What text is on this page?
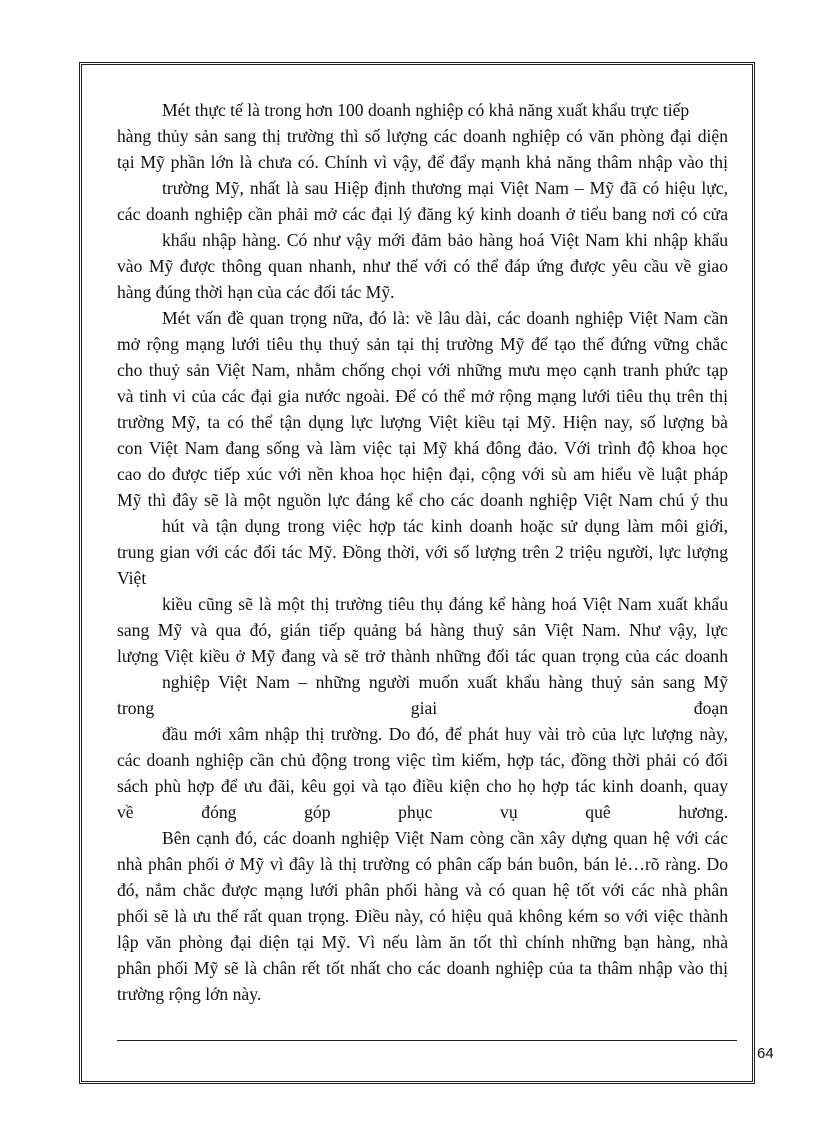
Mét thực tế là trong hơn 100 doanh nghiệp có khả năng xuất khẩu trực tiếp
hàng thủy sản sang thị trường thì số lượng các doanh nghiệp có văn phòng đại diện
tại Mỹ phần lớn là chưa có. Chính vì vậy, để đẩy mạnh khả năng thâm nhập vào thị
trường Mỹ, nhất là sau Hiệp định thương mại Việt Nam – Mỹ đã có hiệu lực,
các doanh nghiệp cần phải mở các đại lý đăng ký kinh doanh ở tiểu bang nơi có cửa
khẩu nhập hàng. Có như vậy mới đảm bảo hàng hoá Việt Nam khi nhập khẩu
vào Mỹ được thông quan nhanh, như thế với có thể đáp ứng được yêu cầu về giao
hàng đúng thời hạn của các đối tác Mỹ.
Mét vấn đề quan trọng nữa, đó là: về lâu dài, các doanh nghiệp Việt Nam cần
mở rộng mạng lưới tiêu thụ thuỷ sản tại thị trường Mỹ để tạo thế đứng vững chắc
cho thuỷ sản Việt Nam, nhằm chống chọi với những mưu mẹo cạnh tranh phức tạp
và tinh vi của các đại gia nước ngoài. Để có thể mở rộng mạng lưới tiêu thụ trên thị
trường Mỹ, ta có thể tận dụng lực lượng Việt kiều tại Mỹ. Hiện nay, số lượng bà
con Việt Nam đang sống và làm việc tại Mỹ khá đông đảo. Với trình độ khoa học
cao do được tiếp xúc với nền khoa học hiện đại, cộng với sù am hiểu về luật pháp
Mỹ thì đây sẽ là một nguồn lực đáng kể cho các doanh nghiệp Việt Nam chú ý thu
hút và tận dụng trong việc hợp tác kinh doanh hoặc sử dụng làm môi giới,
trung gian với các đối tác Mỹ. Đồng thời, với số lượng trên 2 triệu người, lực lượng
Việt
kiều cũng sẽ là một thị trường tiêu thụ đáng kể hàng hoá Việt Nam xuất khẩu
sang Mỹ và qua đó, gián tiếp quảng bá hàng thuỷ sản Việt Nam. Như vậy, lực
lượng Việt kiều ở Mỹ đang và sẽ trở thành những đối tác quan trọng của các doanh
nghiệp Việt Nam – những người muốn xuất khẩu hàng thuỷ sản sang Mỹ
trong giai đoạn
đầu mới xâm nhập thị trường. Do đó, để phát huy vài trò của lực lượng này,
các doanh nghiệp cần chủ động trong việc tìm kiếm, hợp tác, đồng thời phải có đối
sách phù hợp để ưu đãi, kêu gọi và tạo điều kiện cho họ hợp tác kinh doanh, quay
về đóng góp phục vụ quê hương.
Bên cạnh đó, các doanh nghiệp Việt Nam còng cần xây dựng quan hệ với các
nhà phân phối ở Mỹ vì đây là thị trường có phân cấp bán buôn, bán lẻ…rõ ràng. Do
đó, nắm chắc được mạng lưới phân phối hàng và có quan hệ tốt với các nhà phân
phối sẽ là ưu thế rất quan trọng. Điều này, có hiệu quả không kém so với việc thành
lập văn phòng đại diện tại Mỹ. Vì nếu làm ăn tốt thì chính những bạn hàng, nhà
phân phối Mỹ sẽ là chân rết tốt nhất cho các doanh nghiệp của ta thâm nhập vào thị
trường rộng lớn này.
64
